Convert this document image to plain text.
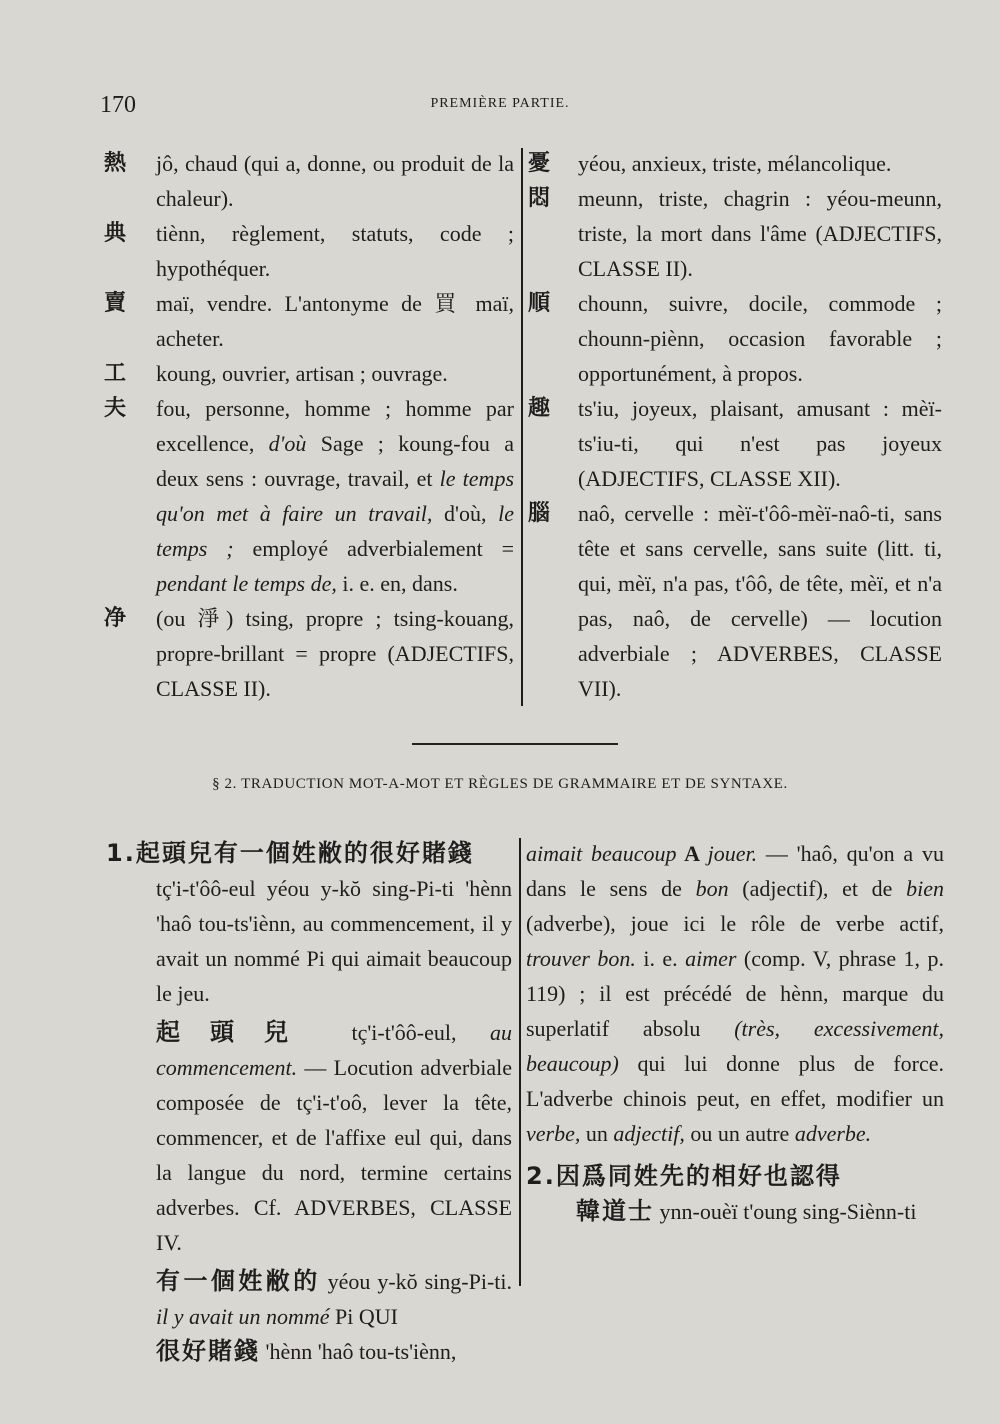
170	PREMIÈRE PARTIE.
熱 jô, chaud (qui a, donne, ou produit de la chaleur).
典 tiènn, règlement, statuts, code ; hypothéquer.
賣 maï, vendre. L'antonyme de 買 maï, acheter.
工 koung, ouvrier, artisan ; ouvrage.
夫 fou, personne, homme ; homme par excellence, d'où Sage ; koung-fou a deux sens : ouvrage, travail, et le temps qu'on met à faire un travail, d'où, le temps ; employé adverbialement = pendant le temps de, i. e. en, dans.
净 (ou 淨) tsing, propre ; tsing-kouang, propre-brillant = propre (ADJECTIFS, CLASSE II).
憂 yéou, anxieux, triste, mélancolique.
悶 meunn, triste, chagrin : yéou-meunn, triste, la mort dans l'âme (ADJECTIFS, CLASSE II).
順 chounn, suivre, docile, commode ; chounn-piènn, occasion favorable ; opportunément, à propos.
趣 ts'iu, joyeux, plaisant, amusant : mèï-ts'iu-ti, qui n'est pas joyeux (ADJECTIFS, CLASSE XII).
腦 naô, cervelle : mèï-t'ôô-mèï-naô-ti, sans tête et sans cervelle, sans suite (litt. ti, qui, mèï, n'a pas, t'ôô, de tête, mèï, et n'a pas, naô, de cervelle) — locution adverbiale ; ADVERBES, CLASSE VII).
§ 2. TRADUCTION MOT-A-MOT ET RÈGLES DE GRAMMAIRE ET DE SYNTAXE.
1.起頭兒有一個姓敝的很好賭錢
tç'i-t'ôô-eul yéou y-kŏ sing-Pi-ti 'hènn 'haô tou-ts'iènn, au commencement, il y avait un nommé Pi qui aimait beaucoup le jeu.
起頭兒 tç'i-t'ôô-eul, au commencement. — Locution adverbiale composée de tç'i-t'oô, lever la tête, commencer, et de l'affixe eul qui, dans la langue du nord, termine certains adverbes. Cf. ADVERBES, CLASSE IV.
有一個姓敝的 yéou y-kŏ sing-Pi-ti. il y avait un nommé Pi QUI
很好賭錢 'hènn 'haô tou-ts'iènn,
aimait beaucoup A jouer. — 'haô, qu'on a vu dans le sens de bon (adjectif), et de bien (adverbe), joue ici le rôle de verbe actif, trouver bon. i. e. aimer (comp. V, phrase 1, p. 119) ; il est précédé de hènn, marque du superlatif absolu (très, excessivement, beaucoup) qui lui donne plus de force. L'adverbe chinois peut, en effet, modifier un verbe, un adjectif, ou un autre adverbe.
2.因爲同姓先的相好也認得
韓道士 ynn-ouèï t'oung sing-Siènn-ti
